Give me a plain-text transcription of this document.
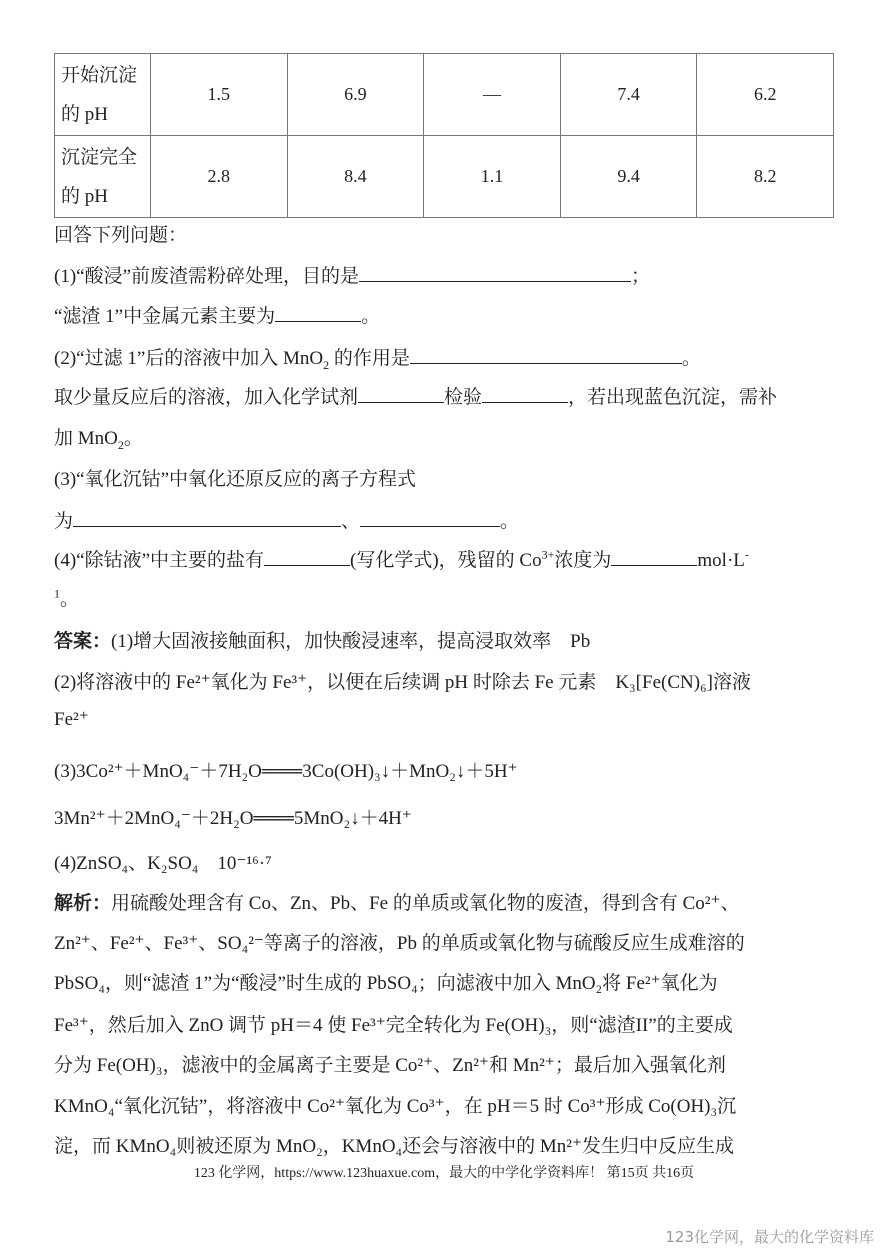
开始沉淀
的 pH	1.5	6.9	—	7.4	6.2
沉淀完全
的 pH	2.8	8.4	1.1	9.4	8.2
回答下列问题：
(1)“酸浸”前废渣需粉碎处理，目的是	；
“滤渣 1”中金属元素主要为	。
(2)“过滤 1”后的溶液中加入 MnO$_2$ 的作用是	。
取少量反应后的溶液，加入化学试剂	检验	，若出现蓝色沉淀，需补
加 MnO$_2$。
(3)“氧化沉钴”中氧化还原反应的离子方程式
为	、	。
(4)“除钴液”中主要的盐有	(写化学式)，残留的 $Co^{3+}$浓度为	mol·L-
$^1$。
答案：(1)增大固液接触面积，加快酸浸速率，提高浸取效率　Pb
(2)将溶液中的 Fe²⁺氧化为 Fe³⁺，以便在后续调 pH 时除去 Fe 元素　K₃[Fe(CN)₆]溶液
Fe²⁺
(3)3Co²⁺＋MnO₄⁻＋7H₂O═══3Co(OH)₃↓＋MnO₂↓＋5H⁺
3Mn²⁺＋2MnO₄⁻＋2H₂O═══5MnO₂↓＋4H⁺
(4)ZnSO₄、K₂SO₄　10⁻¹⁶·⁷
解析：用硫酸处理含有 Co、Zn、Pb、Fe 的单质或氧化物的废渣，得到含有 Co²⁺、
Zn²⁺、Fe²⁺、Fe³⁺、SO₄²⁻等离子的溶液，Pb 的单质或氧化物与硫酸反应生成难溶的
PbSO₄，则“滤渣 1”为“酸浸”时生成的 PbSO₄；向滤液中加入 MnO₂将 Fe²⁺氧化为
Fe³⁺，然后加入 ZnO 调节 pH＝4 使 Fe³⁺完全转化为 Fe(OH)₃，则“滤渣II”的主要成
分为 Fe(OH)₃，滤液中的金属离子主要是 Co²⁺、Zn²⁺和 Mn²⁺；最后加入强氧化剂
KMnO₄“氧化沉钴”，将溶液中 Co²⁺氧化为 Co³⁺，在 pH＝5 时 Co³⁺形成 Co(OH)₃沉
淀，而 KMnO₄则被还原为 MnO₂，KMnO₄还会与溶液中的 Mn²⁺发生归中反应生成
123 化学网，https://www.123huaxue.com，最大的中学化学资料库！ 第15页 共16页
123化学网，最大的化学资料库
